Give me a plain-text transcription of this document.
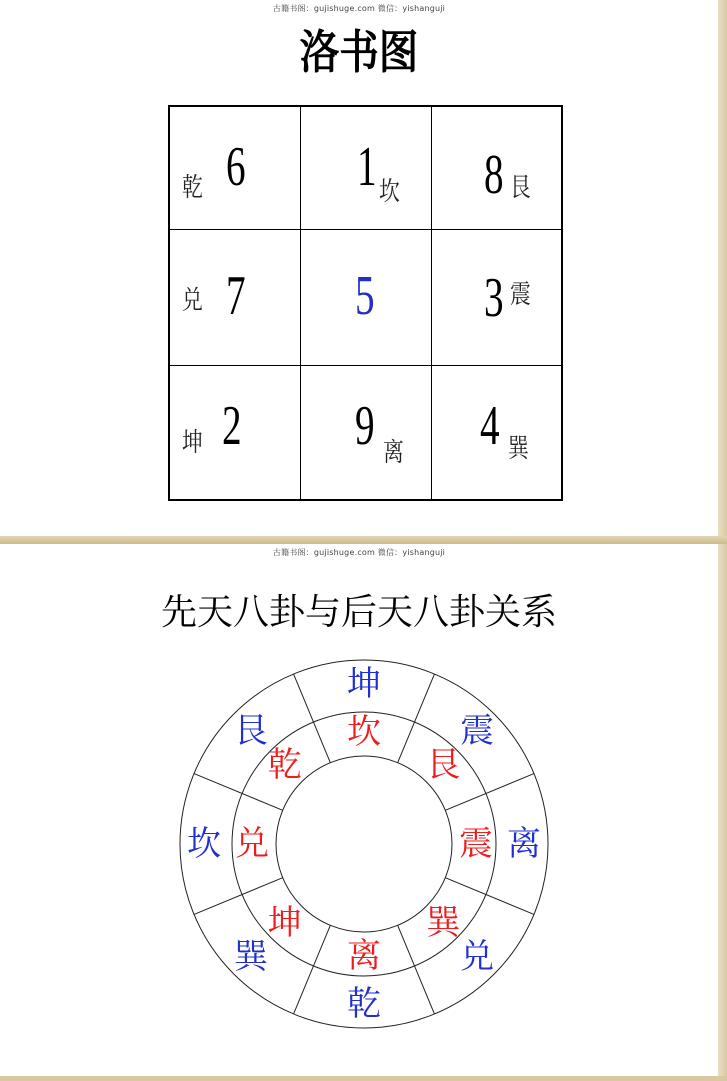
古籍书阁：gujishuge.com 微信：yishanguji
洛书图
乾 6 1 坎 8 艮
兑 7 5 3 震
坤 2 9 离 4 巽
古籍书阁：gujishuge.com 微信：yishanguji
先天八卦与后天八卦关系
坤
震
离
兑
乾
巽
坎
艮 坎
艮
震
巽
离
坤
兑
乾
